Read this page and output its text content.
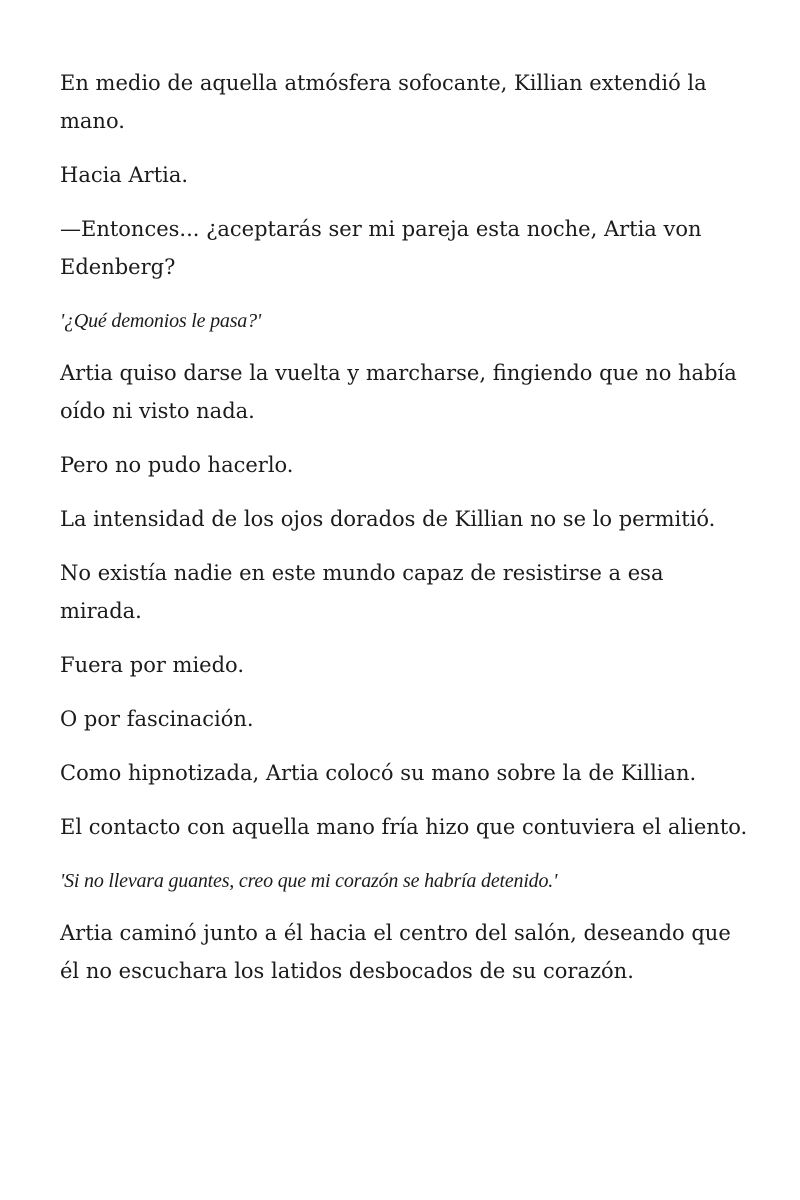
En medio de aquella atmósfera sofocante, Killian extendió la mano.

Hacia Artia.

—Entonces... ¿aceptarás ser mi pareja esta noche, Artia von Edenberg?

'¿Qué demonios le pasa?'

Artia quiso darse la vuelta y marcharse, fingiendo que no había oído ni visto nada.

Pero no pudo hacerlo.

La intensidad de los ojos dorados de Killian no se lo permitió.

No existía nadie en este mundo capaz de resistirse a esa mirada.

Fuera por miedo.

O por fascinación.

Como hipnotizada, Artia colocó su mano sobre la de Killian.

El contacto con aquella mano fría hizo que contuviera el aliento.

'Si no llevara guantes, creo que mi corazón se habría detenido.'

Artia caminó junto a él hacia el centro del salón, deseando que él no escuchara los latidos desbocados de su corazón.
